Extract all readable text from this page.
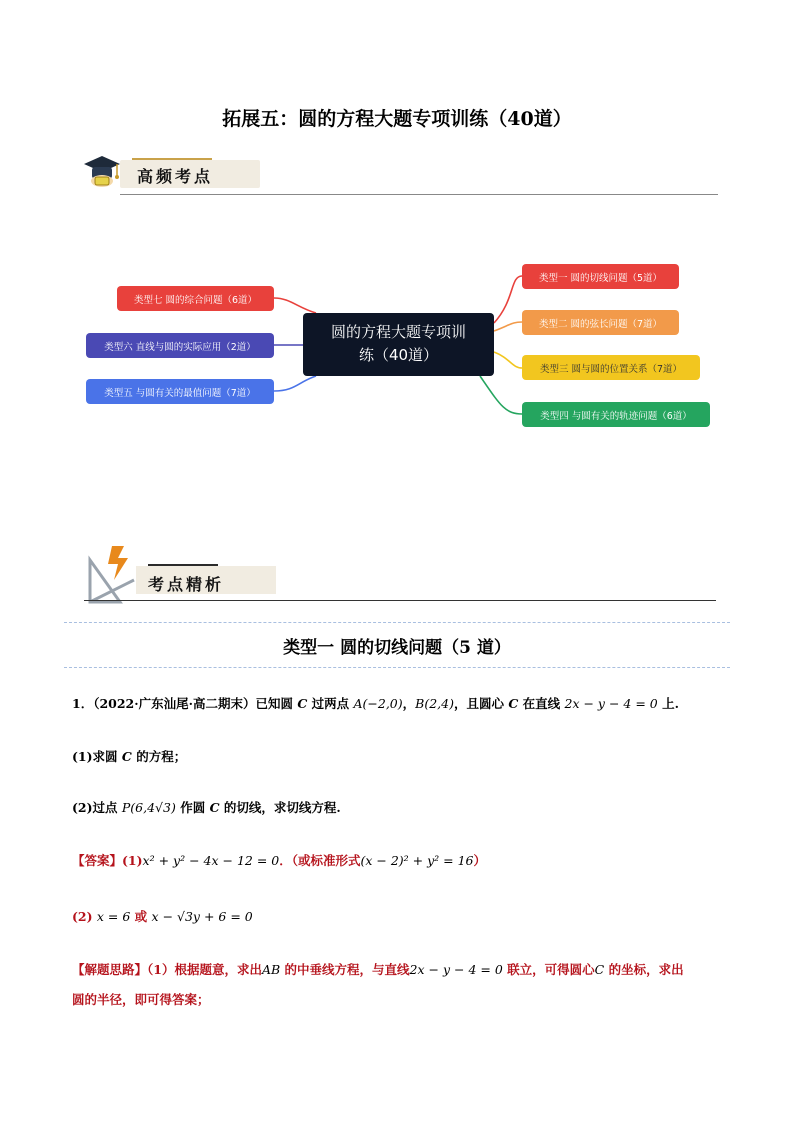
拓展五：圆的方程大题专项训练（40道）
高频考点
圆的方程大题专项训
练（40道）
类型一 圆的切线问题（5道）
类型二 圆的弦长问题（7道）
类型三 圆与圆的位置关系（7道）
类型四 与圆有关的轨迹问题（6道）
类型七 圆的综合问题（6道）
类型六 直线与圆的实际应用（2道）
类型五 与圆有关的最值问题（7道）
考点精析
类型一 圆的切线问题（5 道）
1．（2022·广东汕尾·高二期末）已知圆 C 过两点 A(−2,0)，B(2,4)，且圆心 C 在直线 2x − y − 4 = 0 上.
(1)求圆 C 的方程；
(2)过点 P(6,4√3) 作圆 C 的切线，求切线方程.
【答案】(1)x² + y² − 4x − 12 = 0．（或标准形式(x − 2)² + y² = 16）
(2) x = 6 或 x − √3y + 6 = 0
【解题思路】（1）根据题意，求出AB 的中垂线方程，与直线2x − y − 4 = 0 联立，可得圆心C 的坐标，求出
圆的半径，即可得答案；
